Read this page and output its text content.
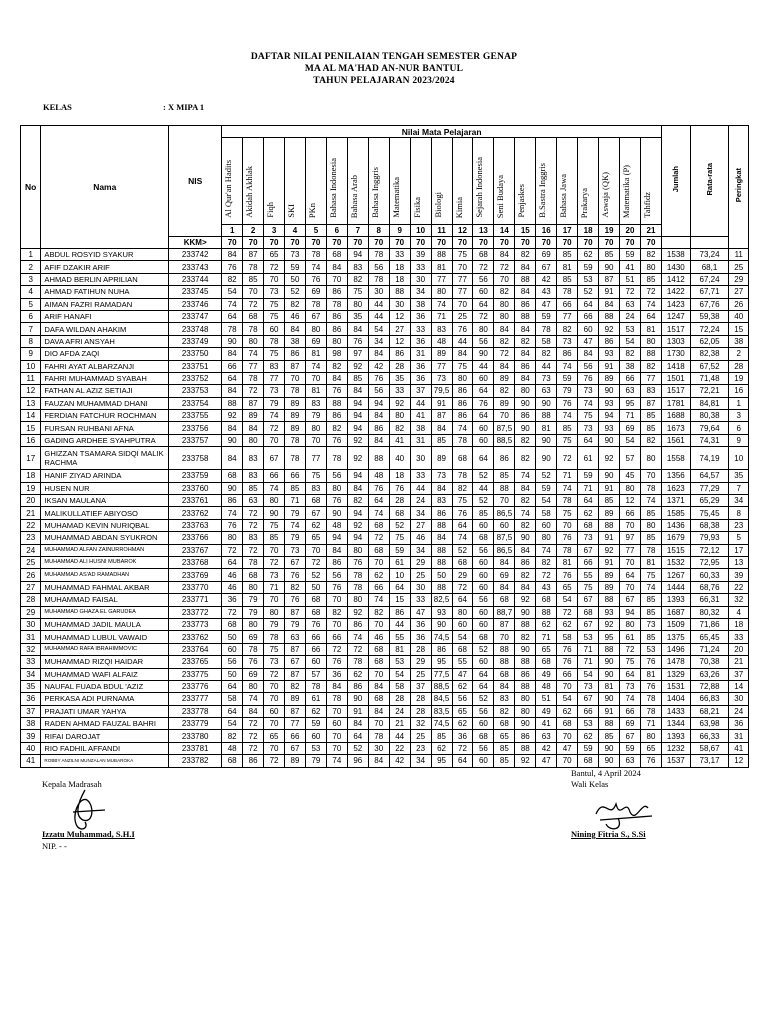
DAFTAR NILAI PENILAIAN TENGAH SEMESTER GENAP
MA AL MA'HAD AN-NUR BANTUL
TAHUN PELAJARAN 2023/2024
KELAS	: X MIPA 1
No	Nama	NIS	Nilai Mata Pelajaran																					Jumlah	Rata-rata	Peringkat
			Al Qur'an Hadits	Akidah Akhlak	Fiqh	SKI	PKn	Bahasa Indonesia	Bahasa Arab	Bahasa Inggris	Matematika	Fisika	Biologi	Kimia	Sejarah Indonesia	Seni Budaya	Penjaskes	B.Sastra Inggris	Bahasa Jawa	Prakarya	Aswaja (QK)	Matematika (P)	Tahfidz			
			1	2	3	4	5	6	7	8	9	10	11	12	13	14	15	16	17	18	19	20	21			
		KKM>	70	70	70	70	70	70	70	70	70	70	70	70	70	70	70	70	70	70	70	70	70			
1	ABDUL ROSYID SYAKUR	233742	84	87	65	73	78	68	94	78	33	39	88	75	68	84	82	69	85	62	85	59	82	1538	73,24	11
2	AFIF DZAKIR ARIF	233743	76	78	72	59	74	84	83	56	18	33	81	70	72	72	84	67	81	59	90	41	80	1430	68,1	25
3	AHMAD BERLIN APRILIAN	233744	82	85	70	50	76	70	82	78	18	30	77	77	56	70	88	42	85	53	87	51	85	1412	67,24	29
4	AHMAD FATIHUN NUHA	233745	54	70	73	52	69	86	75	30	88	34	80	77	60	82	84	43	78	52	91	72	72	1422	67,71	27
5	AIMAN FAZRI RAMADAN	233746	74	72	75	82	78	78	80	44	30	38	74	70	64	80	86	47	66	64	84	63	74	1423	67,76	26
6	ARIF HANAFI	233747	64	68	75	46	67	86	35	44	12	36	71	25	72	80	88	59	77	66	88	24	64	1247	59,38	40
7	DAFA WILDAN AHAKIM	233748	78	78	60	84	80	86	84	54	27	33	83	76	80	84	84	78	82	60	92	53	81	1517	72,24	15
8	DAVA AFRI ANSYAH	233749	90	80	78	38	69	80	76	34	12	36	48	44	56	82	82	58	73	47	86	54	80	1303	62,05	38
9	DIO AFDA ZAQI	233750	84	74	75	86	81	98	97	84	86	31	89	84	90	72	84	82	86	84	93	82	88	1730	82,38	2
10	FAHRI AYAT ALBARZANJI	233751	66	77	83	87	74	82	92	42	28	36	77	75	44	84	86	44	74	56	91	38	82	1418	67,52	28
11	FAHRI MUHAMMAD SYABAH	233752	64	78	77	70	70	84	85	76	35	36	73	80	60	89	84	73	59	76	89	66	77	1501	71,48	19
12	FATHAN AL AZIZ SETIAJI	233753	84	72	73	78	81	76	84	56	33	37	79,5	86	64	82	80	63	79	73	90	63	83	1517	72,21	16
13	FAUZAN MUHAMMAD DHANI	233754	88	87	79	89	83	88	94	94	92	44	91	86	76	89	90	90	76	74	93	95	87	1781	84,81	1
14	FERDIAN FATCHUR ROCHMAN	233755	92	89	74	89	79	86	94	84	80	41	87	86	64	70	86	88	74	75	94	71	85	1688	80,38	3
15	FURSAN RUHBANI AFNA	233756	84	84	72	89	80	82	94	86	82	38	84	74	60	87,5	90	81	85	73	93	69	85	1673	79,64	6
16	GADING ARDHEE SYAHPUTRA	233757	90	80	70	78	70	76	92	84	41	31	85	78	60	88,5	82	90	75	64	90	54	82	1561	74,31	9
17	GHIZZAN TSAMARA SIDQI MALIK RACHMA	233758	84	83	67	78	77	78	92	88	40	30	89	68	64	86	82	90	72	61	92	57	80	1558	74,19	10
18	HANIF ZIYAD ARINDA	233759	68	83	66	66	75	56	94	48	18	33	73	78	52	85	74	52	71	59	90	45	70	1356	64,57	35
19	HUSEN NUR	233760	90	85	74	85	83	80	84	76	76	44	84	82	44	88	84	59	74	71	91	80	78	1623	77,29	7
20	IKSAN MAULANA	233761	86	63	80	71	68	76	82	64	28	24	83	75	52	70	82	54	78	64	85	12	74	1371	65,29	34
21	MALIKULLATIEF ABIYOSO	233762	74	72	90	79	67	90	94	74	68	34	86	76	85	86,5	74	58	75	62	89	66	85	1585	75,45	8
22	MUHAMAD KEVIN NURIQBAL	233763	76	72	75	74	62	48	92	68	52	27	88	64	60	60	82	60	70	68	88	70	80	1436	68,38	23
23	MUHAMMAD ABDAN SYUKRON	233766	80	83	85	79	65	94	94	72	75	46	84	74	68	87,5	90	80	76	73	91	97	85	1679	79,93	5
24	MUHAMMAD ALFAN ZAINURROHMAN	233767	72	72	70	73	70	84	80	68	59	34	88	52	56	86,5	84	74	78	67	92	77	78	1515	72,12	17
25	MUHAMMAD ALI HUSNI MUBAROK	233768	64	78	72	67	72	86	76	70	61	29	88	68	60	84	86	82	81	66	91	70	81	1532	72,95	13
26	MUHAMMAD AS'AD RAMADHAN	233769	46	68	73	76	52	56	78	62	10	25	50	29	60	69	82	72	76	55	89	64	75	1267	60,33	39
27	MUHAMMAD FAHMAL AKBAR	233770	46	80	71	82	50	76	78	66	64	30	88	72	60	84	84	43	65	75	89	70	74	1444	68,76	22
28	MUHAMMAD FAISAL	233771	36	79	70	76	68	70	80	74	15	33	82,5	64	56	68	92	68	54	67	88	67	85	1393	66,31	32
29	MUHAMMAD GHAZA EL GARUDEA	233772	72	79	80	87	68	82	92	82	86	47	93	80	60	88,7	90	88	72	68	93	94	85	1687	80,32	4
30	MUHAMMAD JADIL MAULA	233773	68	80	79	79	76	70	86	70	44	36	90	60	60	87	88	62	62	67	92	80	73	1509	71,86	18
31	MUHAMMAD LUBUL VAWAID	233762	50	69	78	63	66	66	74	46	55	36	74,5	54	68	70	82	71	58	53	95	61	85	1375	65,45	33
32	MUHAMMAD RAFA IBRAHIMMOVIC	233764	60	78	75	87	66	72	72	68	81	28	86	68	52	88	90	65	76	71	88	72	53	1496	71,24	20
33	MUHAMMAD RIZQI HAIDAR	233765	56	76	73	67	60	76	78	68	53	29	95	55	60	88	88	68	76	71	90	75	76	1478	70,38	21
34	MUHAMMAD WAFI ALFAIZ	233775	50	69	72	87	57	36	62	70	54	25	77,5	47	64	68	86	49	66	54	90	64	81	1329	63,26	37
35	NAUFAL FUADA BDUL 'AZIZ	233776	64	80	70	82	78	84	86	84	58	37	88,5	62	64	84	88	48	70	73	81	73	76	1531	72,88	14
36	PERKASA ADI PURNAMA	233777	58	74	70	89	61	78	90	68	28	28	84,5	56	52	83	80	51	54	67	90	74	78	1404	66,83	30
37	PRAJATI UMAR YAHYA	233778	64	84	60	87	62	70	91	84	24	28	83,5	65	56	82	80	49	62	66	91	66	78	1433	68,21	24
38	RADEN AHMAD FAUZAL BAHRI	233779	54	72	70	77	59	60	84	70	21	32	74,5	62	60	68	90	41	68	53	88	69	71	1344	63,98	36
39	RIFAI DAROJAT	233780	82	72	65	66	60	70	64	78	44	25	85	36	68	65	86	63	70	62	85	67	80	1393	66,33	31
40	RIO FADHIL AFFANDI	233781	48	72	70	67	53	70	52	30	22	23	62	72	56	85	88	42	47	59	90	59	65	1232	58,67	41
41	ROBBY ANZILNI MUNZALAN MUBAROKA	233782	68	86	72	89	79	74	96	84	42	34	95	64	60	85	92	47	70	68	90	63	76	1537	73,17	12
Kepala Madrasah
Izzatu Muhammad, S.H.I
NIP. - -
Bantul, 4 April 2024
Wali Kelas
Nining Fitria S., S.Si
